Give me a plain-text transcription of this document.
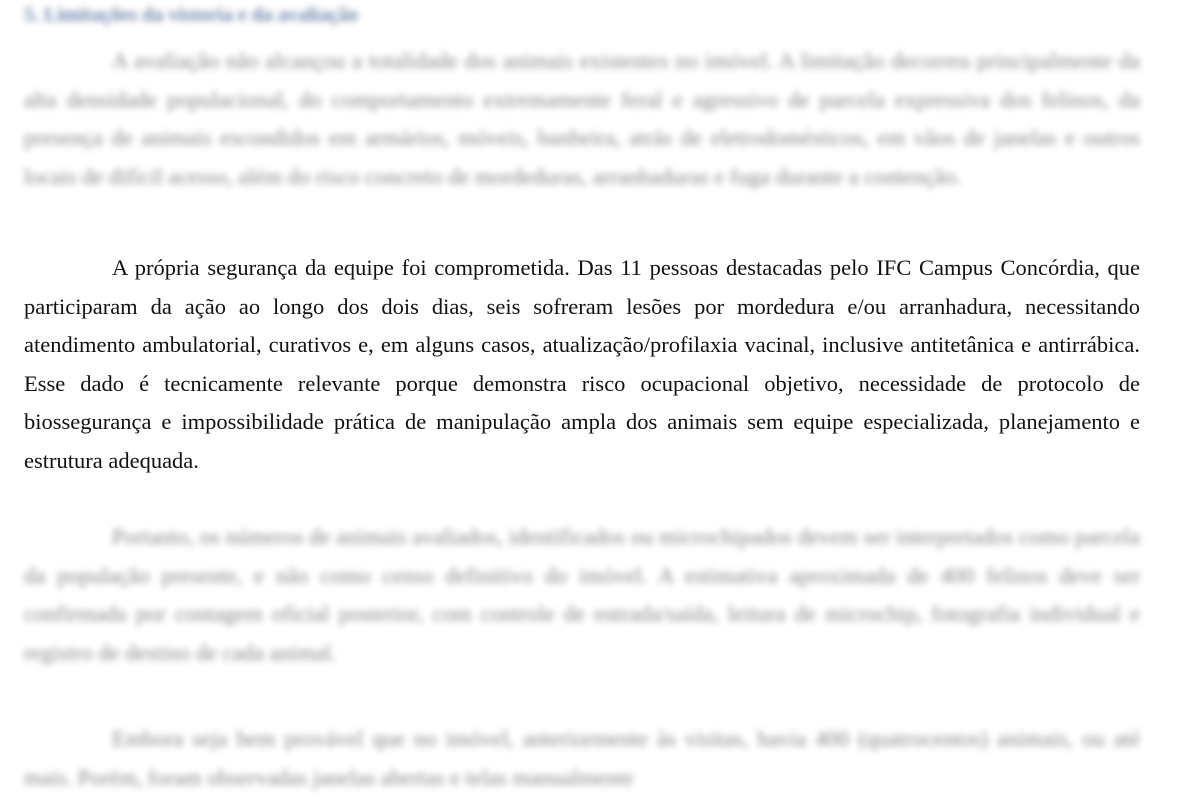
5. Limitações da vistoria e da avaliação

A avaliação não alcançou a totalidade dos animais existentes no imóvel. A limitação decorreu principalmente da alta densidade populacional, do comportamento extremamente feral e agressivo de parcela expressiva dos felinos, da presença de animais escondidos em armários, móveis, banheira, atrás de eletrodomésticos, em vãos de janelas e outros locais de difícil acesso, além do risco concreto de mordeduras, arranhaduras e fuga durante a contenção.

A própria segurança da equipe foi comprometida. Das 11 pessoas destacadas pelo IFC Campus Concórdia, que participaram da ação ao longo dos dois dias, seis sofreram lesões por mordedura e/ou arranhadura, necessitando atendimento ambulatorial, curativos e, em alguns casos, atualização/profilaxia vacinal, inclusive antitetânica e antirrábica. Esse dado é tecnicamente relevante porque demonstra risco ocupacional objetivo, necessidade de protocolo de biossegurança e impossibilidade prática de manipulação ampla dos animais sem equipe especializada, planejamento e estrutura adequada.

Portanto, os números de animais avaliados, identificados ou microchipados devem ser interpretados como parcela da população presente, e não como censo definitivo do imóvel. A estimativa aproximada de 400 felinos deve ser confirmada por contagem oficial posterior, com controle de entrada/saída, leitura de microchip, fotografia individual e registro de destino de cada animal.

Embora seja bem provável que no imóvel, anteriormente às visitas, havia 400 (quatrocentos) animais, ou até mais. Porém, foram observadas janelas abertas e telas manualmente
